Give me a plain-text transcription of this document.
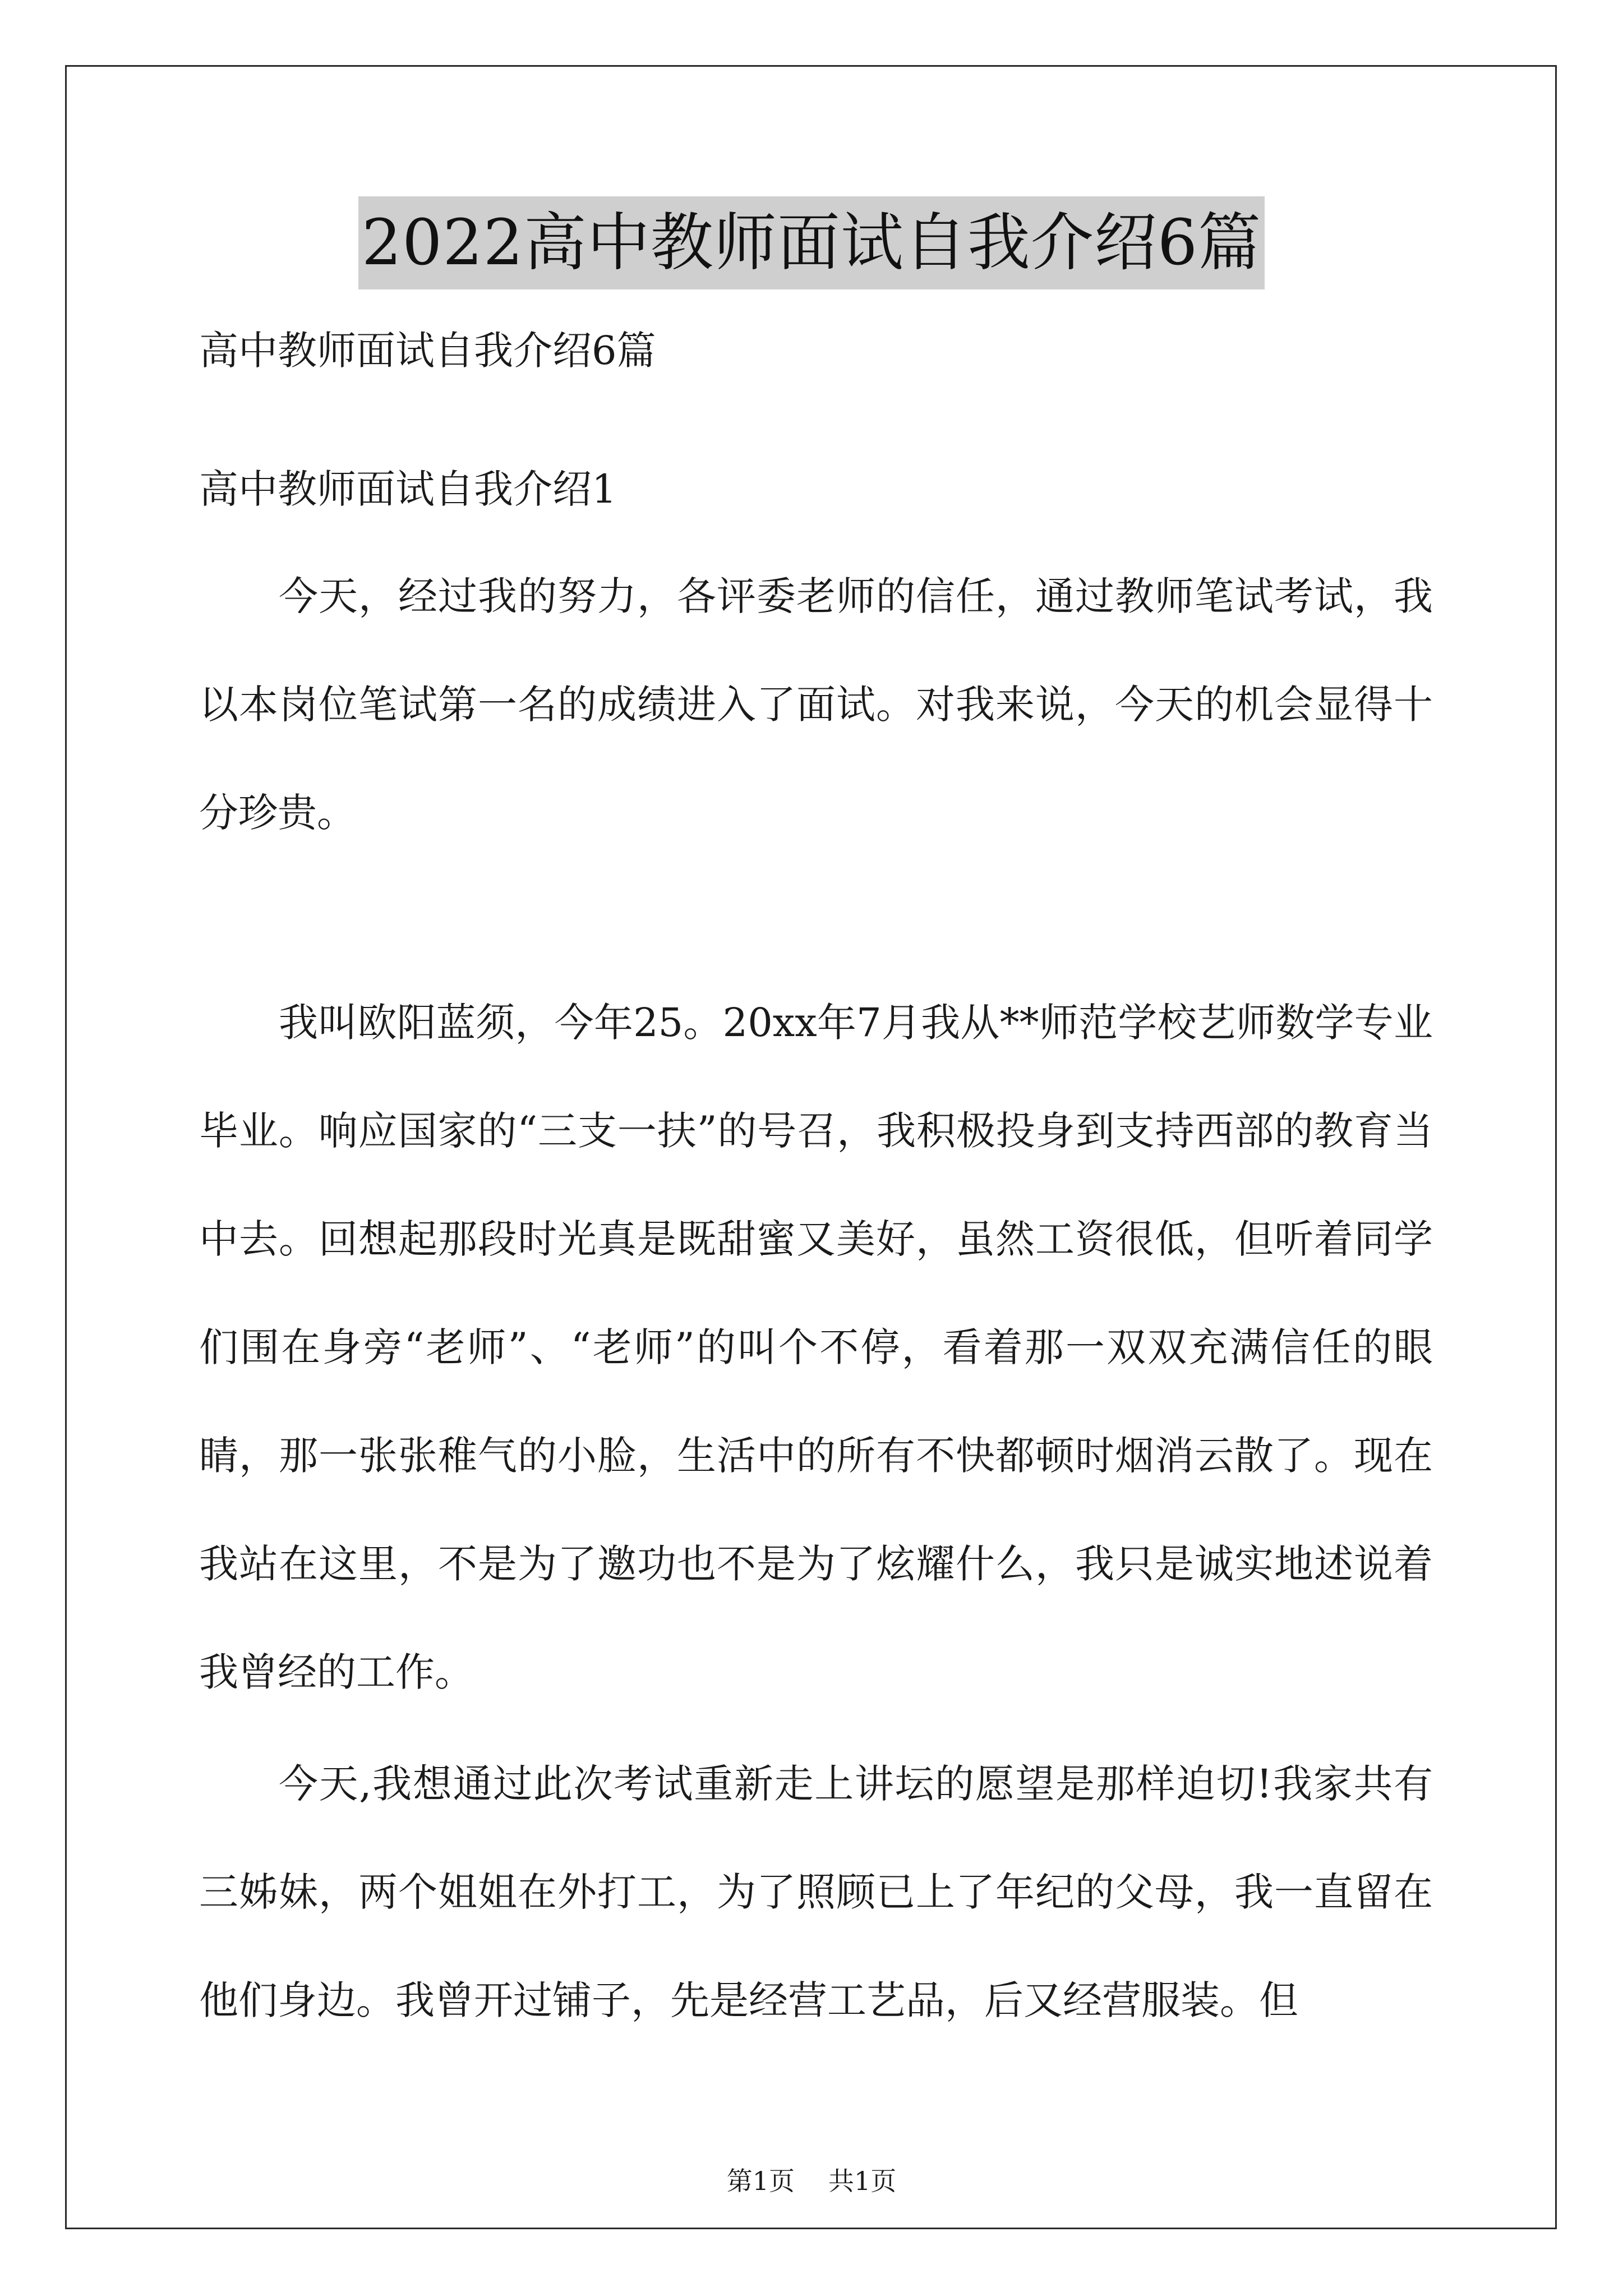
2022高中教师面试自我介绍6篇
高中教师面试自我介绍6篇
高中教师面试自我介绍1

今天，经过我的努力，各评委老师的信任，通过教师笔试考试，我以本岗位笔试第一名的成绩进入了面试。对我来说，今天的机会显得十分珍贵。

我叫欧阳蓝须，今年25。20xx年7月我从**师范学校艺师数学专业毕业。响应国家的“三支一扶”的号召，我积极投身到支持西部的教育当中去。回想起那段时光真是既甜蜜又美好，虽然工资很低，但听着同学们围在身旁“老师”、“老师”的叫个不停，看着那一双双充满信任的眼睛，那一张张稚气的小脸，生活中的所有不快都顿时烟消云散了。现在我站在这里，不是为了邀功也不是为了炫耀什么，我只是诚实地述说着我曾经的工作。

今天,我想通过此次考试重新走上讲坛的愿望是那样迫切!我家共有三姊妹，两个姐姐在外打工，为了照顾已上了年纪的父母，我一直留在他们身边。我曾开过铺子，先是经营工艺品，后又经营服装。但

第1页 共1页
